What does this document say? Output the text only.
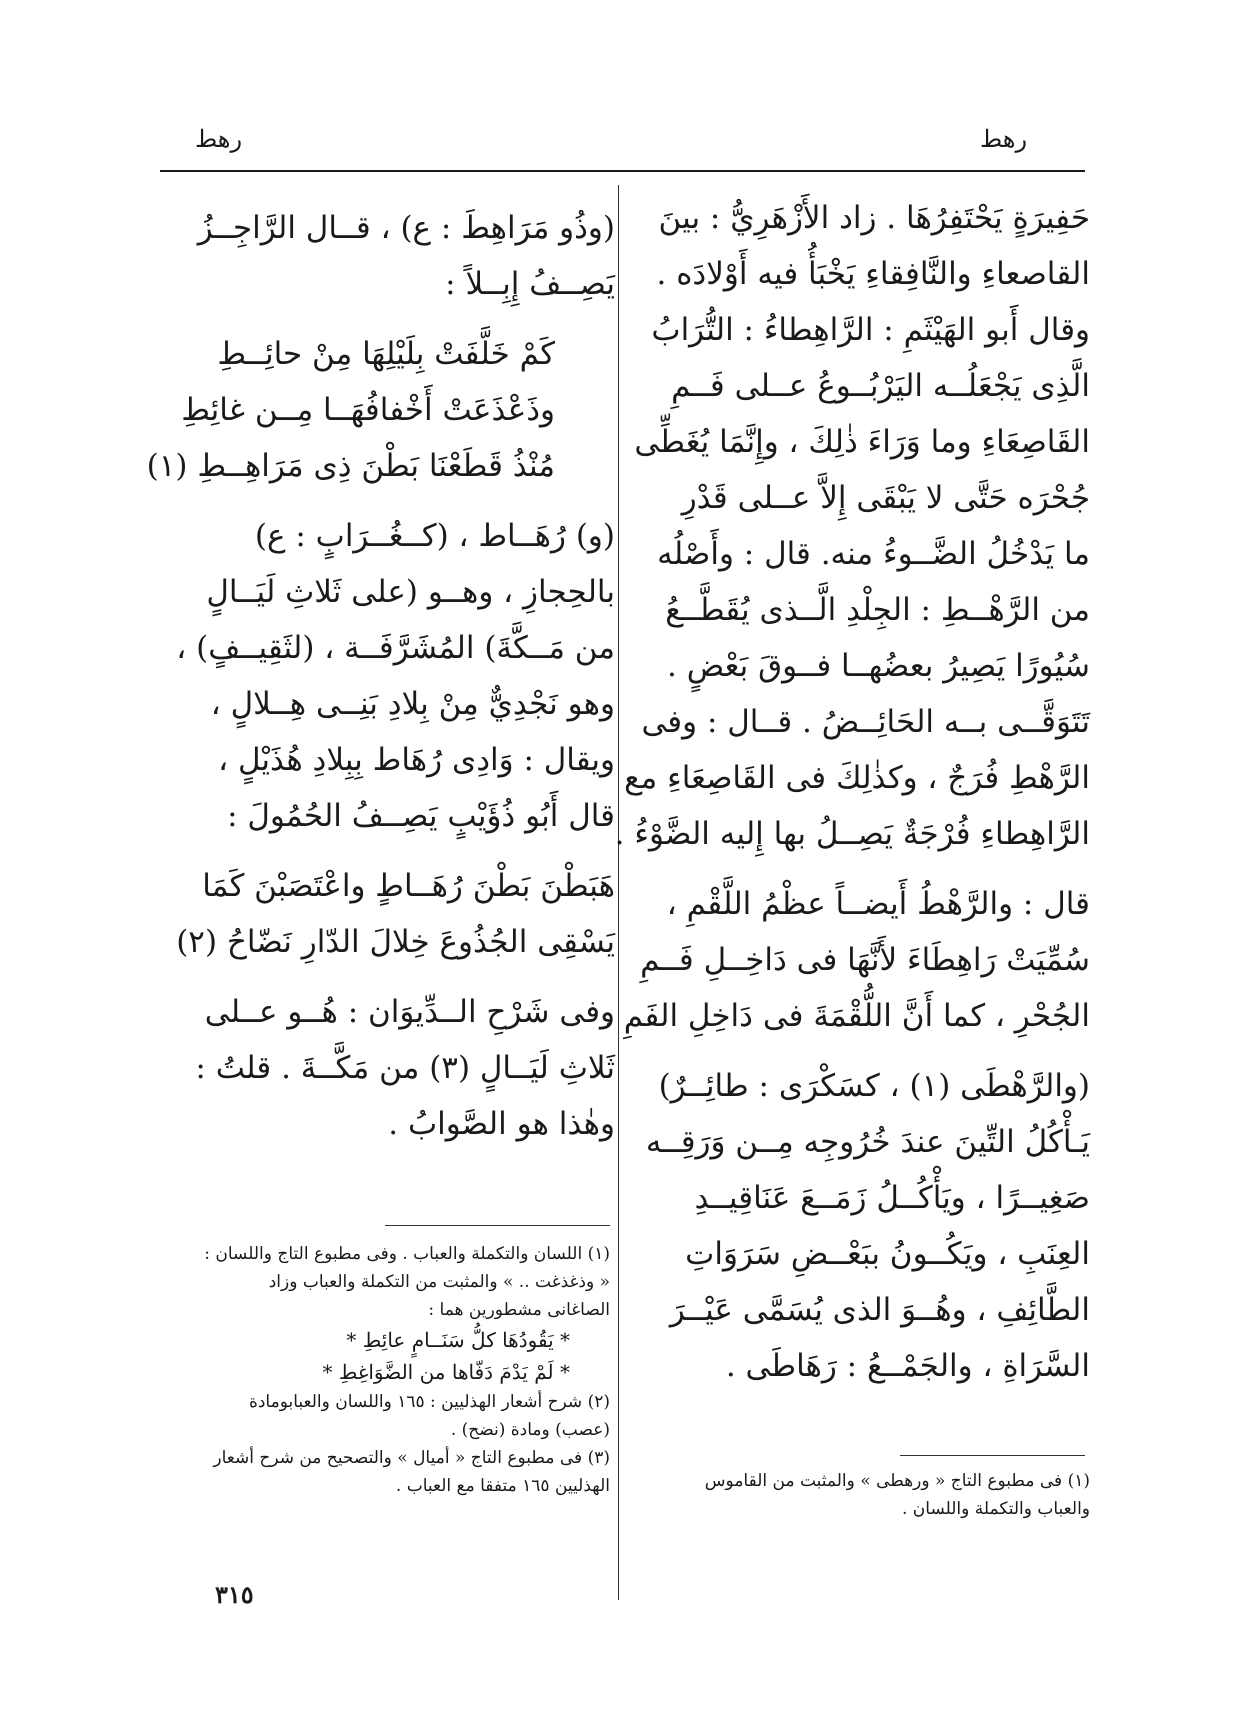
رهط
رهط

حَفِيرَةٍ يَحْتَفِرُهَا . زاد الأَزْهَرِيُّ : بينَ

القاصعاءِ والنَّافِقاءِ يَخْبَأُ فيه أَوْلادَه .

وقال أَبو الهَيْثَمِ : الرَّاهِطاءُ : التُّرَابُ

الَّذِى يَجْعَلُــه اليَرْبُــوعُ عــلى فَــمِ

القَاصِعَاءِ وما وَرَاءَ ذٰلِكَ ، وإِنَّمَا يُغَطِّى

جُحْرَه حَتَّى لا يَبْقَى إِلاَّ عــلى قَدْرِ

ما يَدْخُلُ الضَّــوءُ منه. قال : وأَصْلُه

من الرَّهْــطِ : الجِلْدِ الَّــذى يُقَطَّــعُ

سُيُورًا يَصِيرُ بعضُهــا فــوقَ بَعْضٍ .

تَتَوَقَّــى بــه الحَائِــضُ . قــال : وفى

الرَّهْطِ فُرَجٌ ، وكذٰلِكَ فى القَاصِعَاءِ مع

الرَّاهِطاءِ فُرْجَةٌ يَصِــلُ بها إِليه الضَّوْءُ .

قال : والرَّهْطُ أَيضــاً عظْمُ اللَّقْمِ ،

سُمِّيَتْ رَاهِطَاءَ لأَنَّهَا فى دَاخِــلِ فَــمِ

الجُحْرِ ، كما أَنَّ اللُّقْمَةَ فى دَاخِلِ الفَمِ .

(والرَّهْطَى (١) ، كسَكْرَى : طائِــرٌ)

يَـأْكُلُ التِّينَ عندَ خُرُوجِه مِــن وَرَقِــه

صَغِيــرًا ، ويَأْكُــلُ زَمَــعَ عَنَاقِيــدِ

العِنَبِ ، ويَكُــونُ ببَعْــضِ سَرَوَاتِ

الطَّائِفِ ، وهُــوَ الذى يُسَمَّى عَيْــرَ

السَّرَاةِ ، والجَمْــعُ : رَهَاطَى .

(١) فى مطبوع التاج « ورهطى » والمثبت من القاموس

والعباب والتكملة واللسان .

(وذُو مَرَاهِطَ : ع) ، قــال الرَّاجِــزُ

يَصِــفُ إِبِــلاً :

كَمْ خَلَّفَتْ بِلَيْلِهَا مِنْ حائِــطِ

وذَعْذَعَتْ أَخْفافُهَــا مِــن غائِطِ

مُنْذُ قَطَعْنَا بَطْنَ ذِى مَرَاهِــطِ (١)

(و) رُهَــاط ، (كــغُــرَابٍ : ع)

بالحِجازِ ، وهــو (على ثَلاثِ لَيَــالٍ

من مَــكَّةَ) المُشَرَّفَــة ، (لثَقِيــفٍ) ،

وهو نَجْدِيٌّ مِنْ بِلادِ بَنِــى هِــلالٍ ،

ويقال : وَادِى رُهَاط بِبِلادِ هُذَيْلٍ ،

قال أَبُو ذُؤَيْبٍ يَصِــفُ الحُمُولَ :

هَبَطْنَ بَطْنَ رُهَــاطٍ واعْتَصَبْنَ كَمَا

يَسْقِى الجُذُوعَ خِلالَ الدّارِ نَضّاحُ (٢)

وفى شَرْحِ الــدِّيوَان : هُــو عــلى

ثَلاثِ لَيَــالٍ (٣) من مَكَّــةَ . قلتُ :

وهٰذا هو الصَّوابُ .

(١) اللسان والتكملة والعباب . وفى مطبوع التاج واللسان :

« وذغذغت .. » والمثبت من التكملة والعباب وزاد

الصاغانى مشطورين هما :

* يَقُودُهَا كلُّ سَنَــامٍ عائِطِ *

* لَمْ يَدْمَ دَفّاها من الضَّوَاغِطِ *

(٢) شرح أشعار الهذليين : ١٦٥ واللسان والعبابومادة

(عصب) ومادة (نضح) .

(٣) فى مطبوع التاج « أميال » والتصحيح من شرح أشعار

الهذليين ١٦٥ متفقا مع العباب .

٣١٥
